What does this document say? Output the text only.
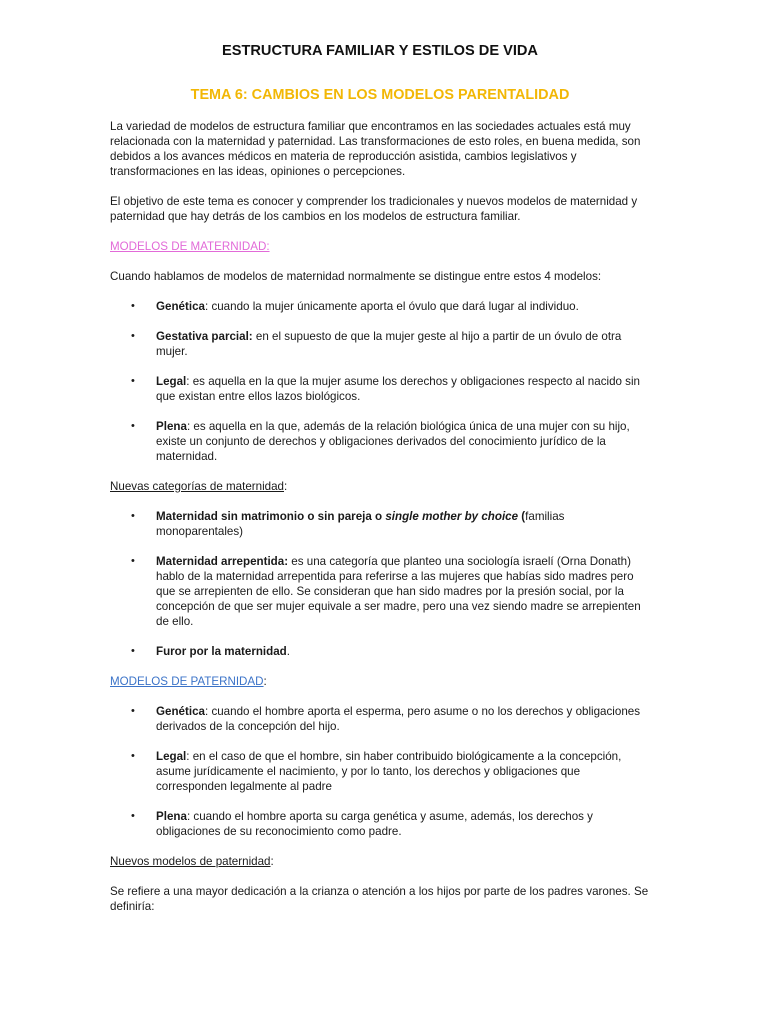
ESTRUCTURA FAMILIAR Y ESTILOS DE VIDA
TEMA 6: CAMBIOS EN LOS MODELOS PARENTALIDAD

La variedad de modelos de estructura familiar que encontramos en las sociedades actuales está muy relacionada con la maternidad y paternidad. Las transformaciones de esto roles, en buena medida, son debidos a los avances médicos en materia de reproducción asistida, cambios legislativos y transformaciones en las ideas, opiniones o percepciones.

El objetivo de este tema es conocer y comprender los tradicionales y nuevos modelos de maternidad y paternidad que hay detrás de los cambios en los modelos de estructura familiar.

MODELOS DE MATERNIDAD:

Cuando hablamos de modelos de maternidad normalmente se distingue entre estos 4 modelos:

• Genética: cuando la mujer únicamente aporta el óvulo que dará lugar al individuo.
• Gestativa parcial: en el supuesto de que la mujer geste al hijo a partir de un óvulo de otra mujer.
• Legal: es aquella en la que la mujer asume los derechos y obligaciones respecto al nacido sin que existan entre ellos lazos biológicos.
• Plena: es aquella en la que, además de la relación biológica única de una mujer con su hijo, existe un conjunto de derechos y obligaciones derivados del conocimiento jurídico de la maternidad.

Nuevas categorías de maternidad:

• Maternidad sin matrimonio o sin pareja o single mother by choice (familias monoparentales)
• Maternidad arrepentida: es una categoría que planteo una sociología israelí (Orna Donath) hablo de la maternidad arrepentida para referirse a las mujeres que habías sido madres pero que se arrepienten de ello. Se consideran que han sido madres por la presión social, por la concepción de que ser mujer equivale a ser madre, pero una vez siendo madre se arrepienten de ello.
• Furor por la maternidad.

MODELOS DE PATERNIDAD:

• Genética: cuando el hombre aporta el esperma, pero asume o no los derechos y obligaciones derivados de la concepción del hijo.
• Legal: en el caso de que el hombre, sin haber contribuido biológicamente a la concepción, asume jurídicamente el nacimiento, y por lo tanto, los derechos y obligaciones que corresponden legalmente al padre
• Plena: cuando el hombre aporta su carga genética y asume, además, los derechos y obligaciones de su reconocimiento como padre.

Nuevos modelos de paternidad:

Se refiere a una mayor dedicación a la crianza o atención a los hijos por parte de los padres varones. Se definiría:
